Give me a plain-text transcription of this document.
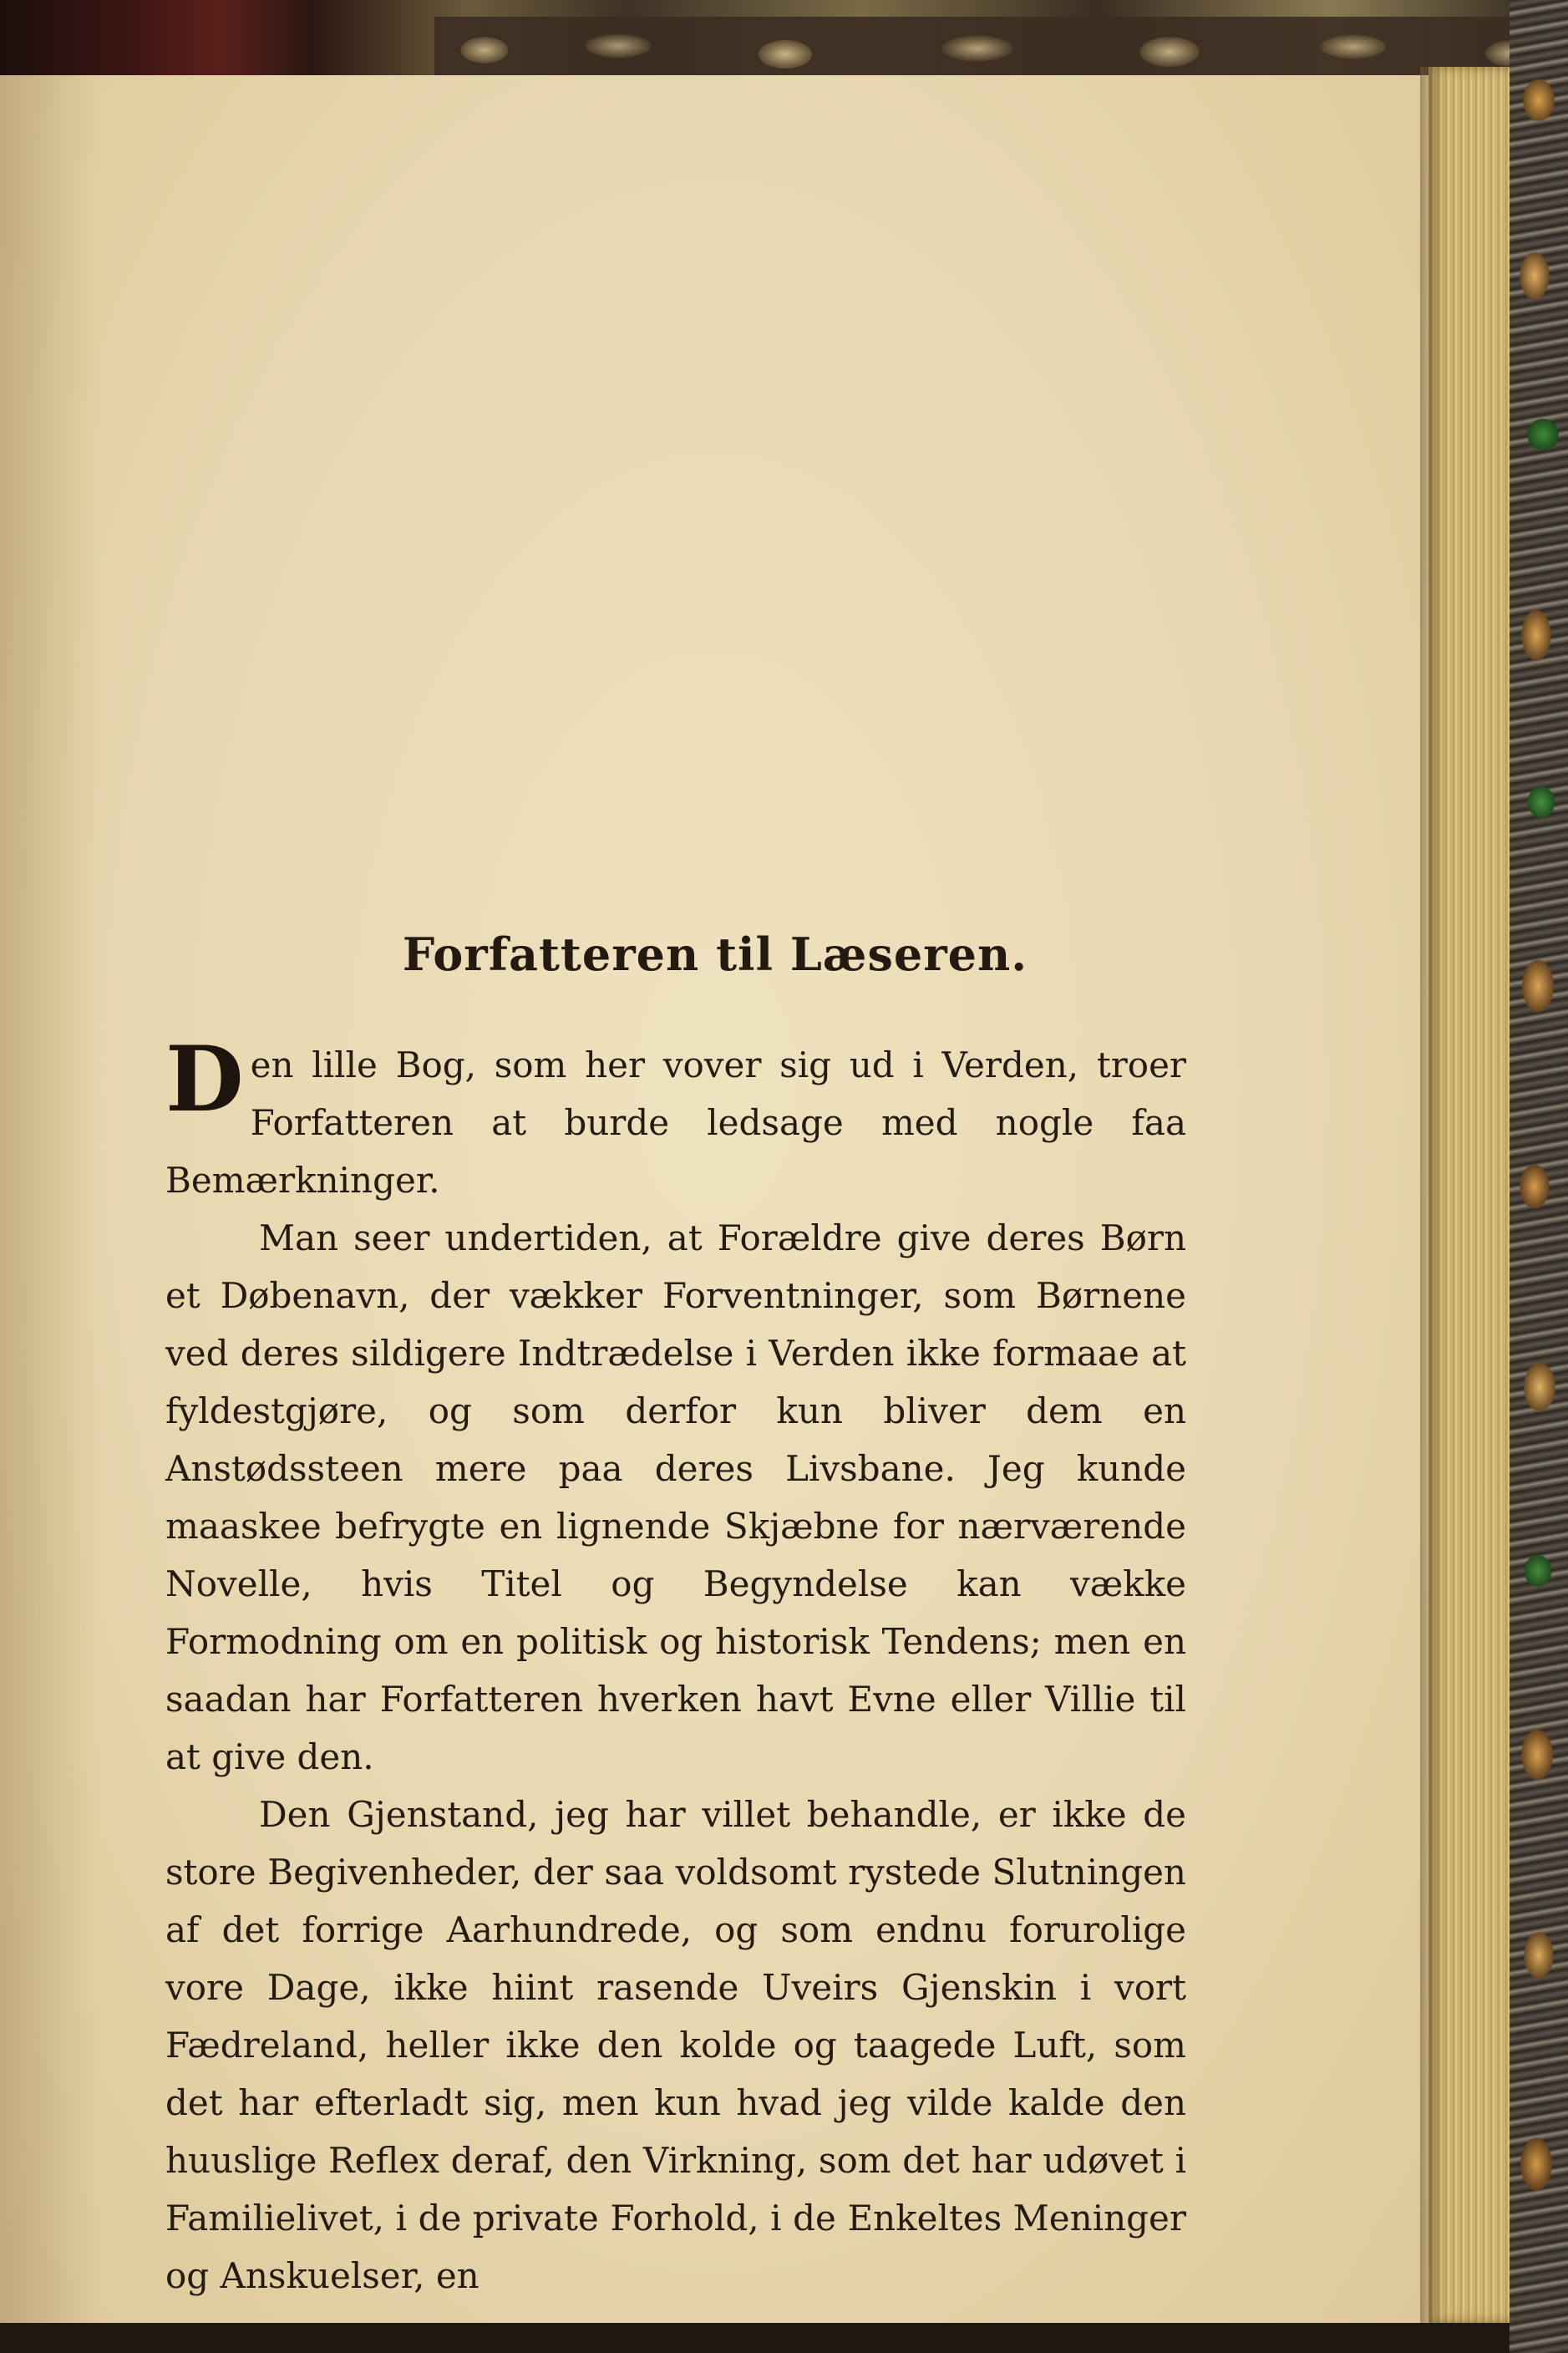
Forfatteren til Læseren.

Den lille Bog, som her vover sig ud i Verden, troer Forfatteren at burde ledsage med nogle faa Bemærkninger.

Man seer undertiden, at Forældre give deres Børn et Døbenavn, der vækker Forventninger, som Børnene ved deres sildigere Indtrædelse i Verden ikke formaae at fyldestgjøre, og som derfor kun bliver dem en Anstødssteen mere paa deres Livsbane. Jeg kunde maaskee befrygte en lignende Skjæbne for nærværende Novelle, hvis Titel og Begyndelse kan vække Formodning om en politisk og historisk Tendens; men en saadan har Forfatteren hverken havt Evne eller Villie til at give den.

Den Gjenstand, jeg har villet behandle, er ikke de store Begivenheder, der saa voldsomt rystede Slutningen af det forrige Aarhundrede, og som endnu forurolige vore Dage, ikke hiint rasende Uveirs Gjenskin i vort Fædreland, heller ikke den kolde og taagede Luft, som det har efterladt sig, men kun hvad jeg vilde kalde den huuslige Reflex deraf, den Virkning, som det har udøvet i Familielivet, i de private Forhold, i de Enkeltes Meninger og Anskuelser, en
